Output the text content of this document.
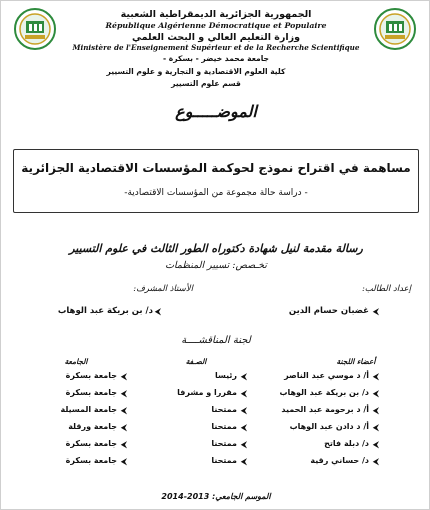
الجمهورية الجزائرية الديمقراطية الشعبية
République Algérienne Démocratique et Populaire
وزارة التعليم العالي و البحث العلمي
Ministère de l'Enseignement Supérieur et de la Recherche Scientifique
جامعة محمد خيضر - بسكرة -
كلية العلوم الاقتصادية و التجارية و علوم التسيير
قسم علوم التسيير
الموضـــــوع
مساهمة في اقتراح نموذج لحوكمة المؤسسات الاقتصادية الجزائرية
- دراسة حالة مجموعة من المؤسسات الاقتصادية-
رسالة مقدمة لنيل شهادة دكتوراه الطور الثالث في علوم التسيير
تخـصص: تسيير المنظمات
إعداد الطالب:
الأستاذ المشرف:
⮜
غضبان حسام الدين
⮜
د/ بن بريكة عبد الوهاب
لجنة المناقشــــة
أعضاء اللجنة
الصـفة
الجامعة
⮜
أ/ د موسي عبد الناصر
⮜
رئيسا
⮜
جامعة بسكرة
⮜
د/ بن بريكة عبد الوهاب
⮜
مقررا و مشرفا
⮜
جامعة بسكرة
⮜
أ/ د برحومة عبد الحميد
⮜
ممتحنا
⮜
جامعة المسيلة
⮜
أ/ د دادن عبد الوهاب
⮜
ممتحنا
⮜
جامعة ورقلة
⮜
د/ دبلة فاتح
⮜
ممتحنا
⮜
جامعة بسكرة
⮜
د/ حساني رقية
⮜
ممتحنا
⮜
جامعة بسكرة
الموسم الجامعي: 2013-2014
